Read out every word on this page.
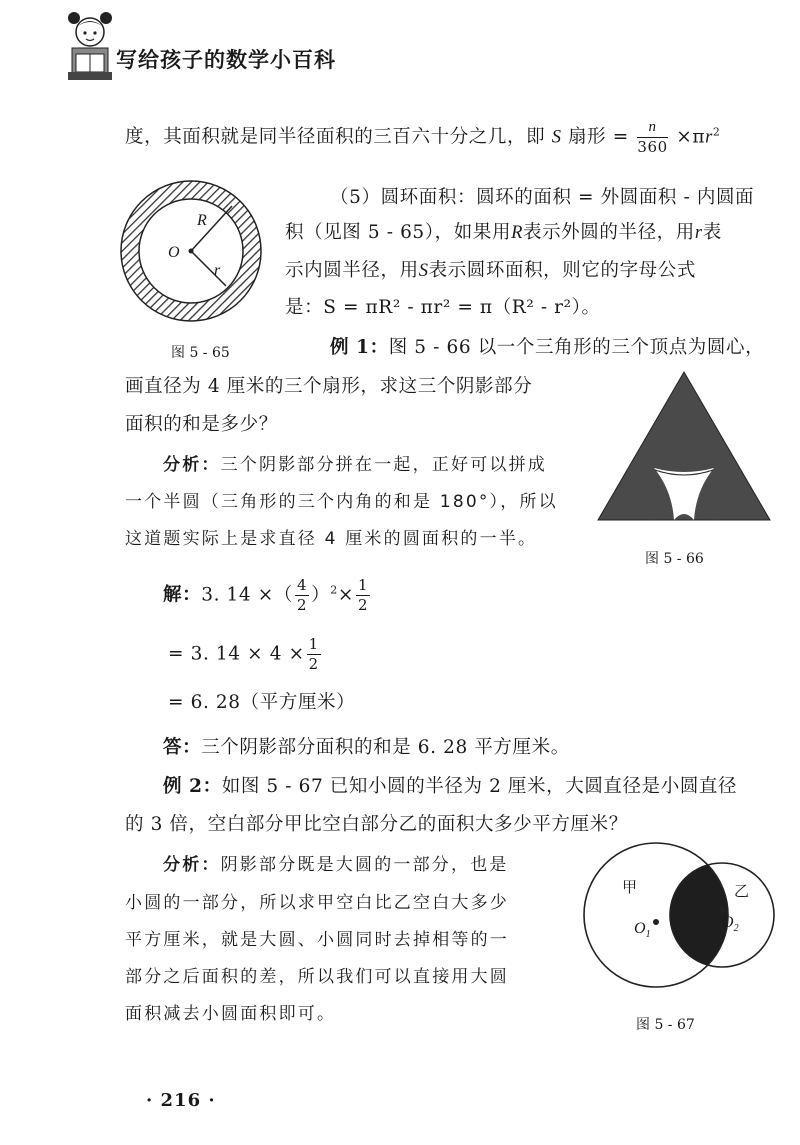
写给孩子的数学小百科
度，其面积就是同半径面积的三百六十分之几，即 S 扇形 = $\frac{n}{360} \times\pi r^2$
O
R
r
图 5 - 65
（5）圆环面积：圆环的面积 = 外圆面积 - 内圆面
积（见图 5 - 65），如果用R表示外圆的半径，用r表
示内圆半径，用S表示圆环面积，则它的字母公式
是：S = πR² - πr² = π（R² - r²）。
例 1：图 5 - 66 以一个三角形的三个顶点为圆心，
画直径为 4 厘米的三个扇形，求这三个阴影部分
面积的和是多少？
分析：三个阴影部分拼在一起，正好可以拼成
一个半圆（三角形的三个内角的和是 180°），所以
这道题实际上是求直径 4 厘米的圆面积的一半。
图 5 - 66
解：3. 14 ×（ $\frac{4}{2} )^2\times \frac{1}{2}$
= 3. $14 \times 4 \times \frac{1}{2}$
= 6. 28（平方厘米）
答：三个阴影部分面积的和是 6. 28 平方厘米。
例 2：如图 5 - 67 已知小圆的半径为 2 厘米，大圆直径是小圆直径
的 3 倍，空白部分甲比空白部分乙的面积大多少平方厘米？
分析：阴影部分既是大圆的一部分，也是
小圆的一部分，所以求甲空白比乙空白大多少
平方厘米，就是大圆、小圆同时去掉相等的一
部分之后面积的差，所以我们可以直接用大圆
面积减去小圆面积即可。
甲	乙
$O_1$
$O_2$
图 5 - 67
· 216 ·
